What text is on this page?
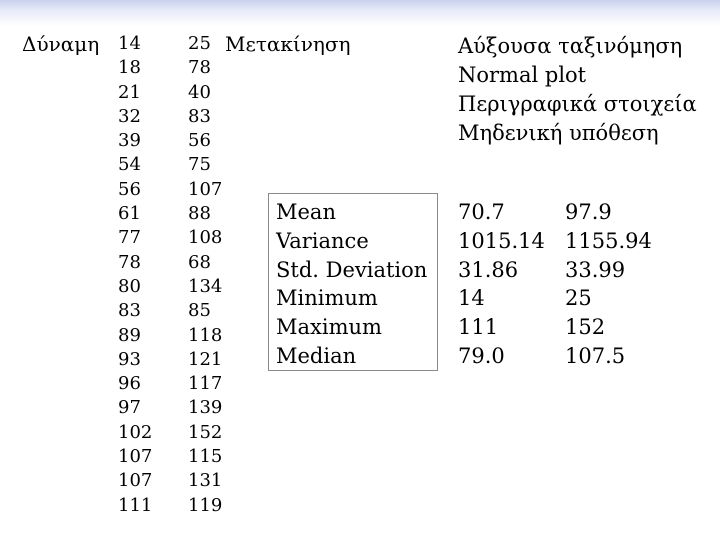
Δύναμη 14
18
21
32
39
54
56
61
77
78
80
83
89
93
96
97
102
107
107
111
Μετακίνηση
25
78
40
83
56
75
107
88
108
68
134
85
118
121
117
139
152
115
131
119
Αύξουσα ταξινόμηση
Normal plot
Περιγραφικά στοιχεία
Μηδενική υπόθεση
Mean
Variance
Std. Deviation
Minimum
Maximum
Median
70.7
1015.14
31.86
14
111
79.0
97.9
1155.94
33.99
25
152
107.5
